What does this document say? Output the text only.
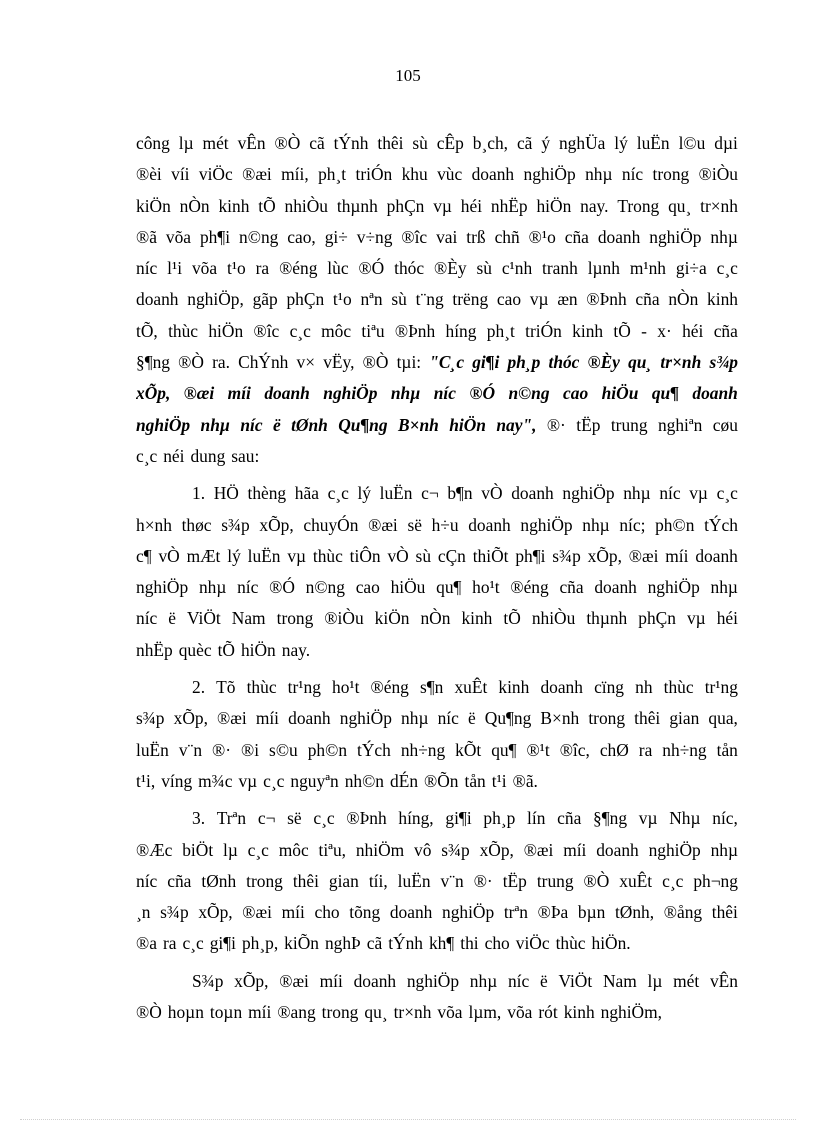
105
công lµ mét vÊn ®Ò cã tÝnh thêi sù cÊp b¸ch, cã ý nghÜa lý luËn l©u dµi
®èi víi viÖc ®æi míi, ph¸t triÓn khu vùc doanh nghiÖp nhµ níc trong ®iÒu
kiÖn nÒn kinh tÕ nhiÒu thµnh phÇn vµ héi nhËp hiÖn nay. Trong qu¸ tr×nh
®ã võa ph¶i n©ng cao, gi÷ v÷ng ®îc vai trß chñ ®¹o cña doanh nghiÖp nhµ
níc l¹i võa t¹o ra ®éng lùc ®Ó thóc ®Èy sù c¹nh tranh lµnh m¹nh gi÷a c¸c
doanh nghiÖp, gãp phÇn t¹o nªn sù t¨ng trëng cao vµ æn ®Þnh cña nÒn kinh
tÕ, thùc hiÖn ®îc c¸c môc tiªu ®Þnh híng ph¸t triÓn kinh tÕ - x· héi cña
§¶ng ®Ò ra. ChÝnh v× vËy, ®Ò tµi: "C¸c gi¶i ph¸p thóc ®Èy qu¸ tr×nh s¾p
xÕp, ®æi míi doanh nghiÖp nhµ níc ®Ó n©ng cao hiÖu qu¶ doanh
nghiÖp nhµ níc ë tØnh Qu¶ng B×nh hiÖn nay", ®· tËp trung nghiªn cøu
c¸c néi dung sau:
1. HÖ thèng hãa c¸c lý luËn c¬ b¶n vÒ doanh nghiÖp nhµ níc vµ c¸c
h×nh thøc s¾p xÕp, chuyÓn ®æi së h÷u doanh nghiÖp nhµ níc; ph©n tÝch
c¶ vÒ mÆt lý luËn vµ thùc tiÔn vÒ sù cÇn thiÕt ph¶i s¾p xÕp, ®æi míi doanh
nghiÖp nhµ níc ®Ó n©ng cao hiÖu qu¶ ho¹t ®éng cña doanh nghiÖp nhµ
níc ë ViÖt Nam trong ®iÒu kiÖn nÒn kinh tÕ nhiÒu thµnh phÇn vµ héi
nhËp quèc tÕ hiÖn nay.
2. Tõ thùc tr¹ng ho¹t ®éng s¶n xuÊt kinh doanh cïng nh thùc tr¹ng
s¾p xÕp, ®æi míi doanh nghiÖp nhµ níc ë Qu¶ng B×nh trong thêi gian qua,
luËn v¨n ®· ®i s©u ph©n tÝch nh÷ng kÕt qu¶ ®¹t ®îc, chØ ra nh÷ng tån
t¹i, víng m¾c vµ c¸c nguyªn nh©n dÉn ®Õn tån t¹i ®ã.
3. Trªn c¬ së c¸c ®Þnh híng, gi¶i ph¸p lín cña §¶ng vµ Nhµ níc,
®Æc biÖt lµ c¸c môc tiªu, nhiÖm vô s¾p xÕp, ®æi míi doanh nghiÖp nhµ
níc cña tØnh trong thêi gian tíi, luËn v¨n ®· tËp trung ®Ò xuÊt c¸c ph¬ng
¸n s¾p xÕp, ®æi míi cho tõng doanh nghiÖp trªn ®Þa bµn tØnh, ®ång thêi
®a ra c¸c gi¶i ph¸p, kiÕn nghÞ cã tÝnh kh¶ thi cho viÖc thùc hiÖn.
S¾p xÕp, ®æi míi doanh nghiÖp nhµ níc ë ViÖt Nam lµ mét vÊn
®Ò hoµn toµn míi ®ang trong qu¸ tr×nh võa lµm, võa rót kinh nghiÖm,
